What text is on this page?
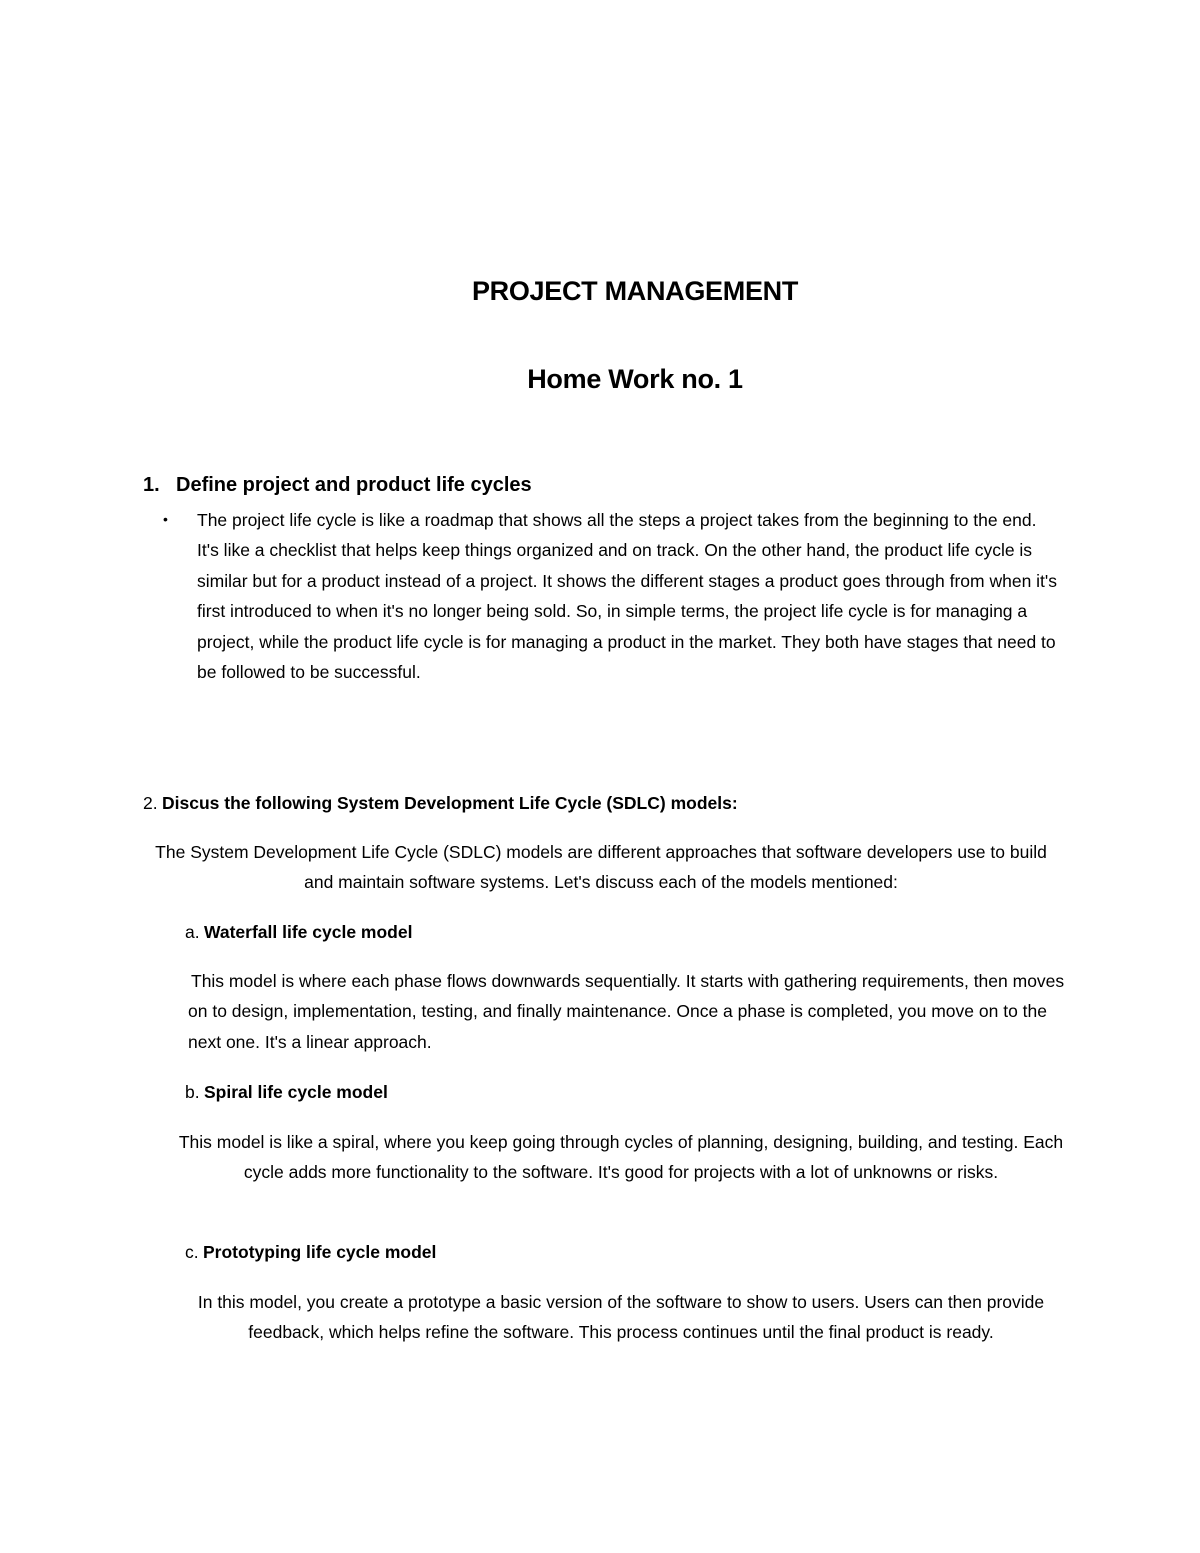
PROJECT MANAGEMENT
Home Work no. 1
1. Define project and product life cycles
• The project life cycle is like a roadmap that shows all the steps a project takes from the beginning to the end. It's like a checklist that helps keep things organized and on track. On the other hand, the product life cycle is similar but for a product instead of a project. It shows the different stages a product goes through from when it's first introduced to when it's no longer being sold. So, in simple terms, the project life cycle is for managing a project, while the product life cycle is for managing a product in the market. They both have stages that need to be followed to be successful.
2. Discus the following System Development Life Cycle (SDLC) models:
The System Development Life Cycle (SDLC) models are different approaches that software developers use to build and maintain software systems. Let's discuss each of the models mentioned:
a. Waterfall life cycle model
This model is where each phase flows downwards sequentially. It starts with gathering requirements, then moves on to design, implementation, testing, and finally maintenance. Once a phase is completed, you move on to the next one. It's a linear approach.
b. Spiral life cycle model
This model is like a spiral, where you keep going through cycles of planning, designing, building, and testing. Each cycle adds more functionality to the software. It's good for projects with a lot of unknowns or risks.
c. Prototyping life cycle model
In this model, you create a prototype a basic version of the software to show to users. Users can then provide feedback, which helps refine the software. This process continues until the final product is ready.
